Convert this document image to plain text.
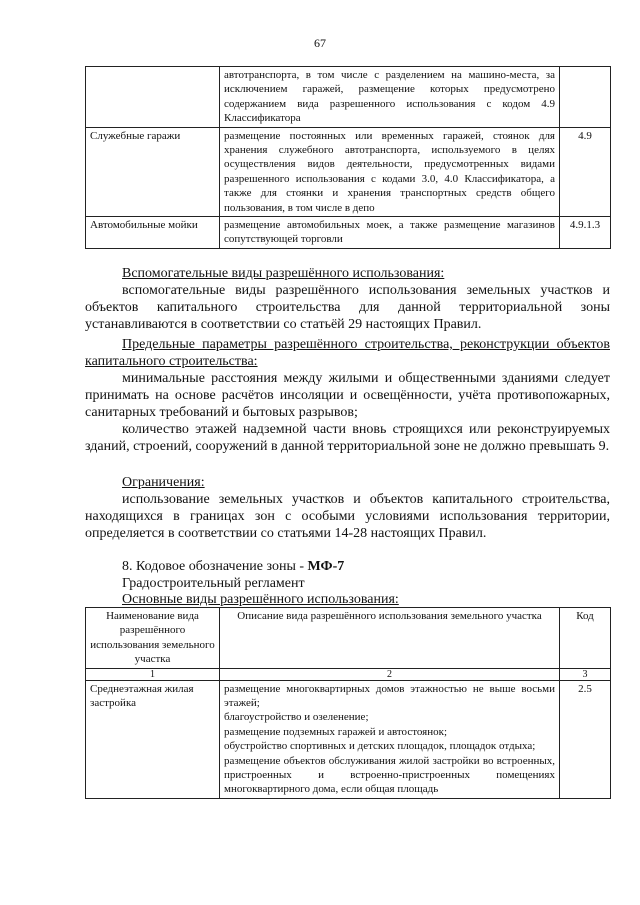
67
	автотранспорта, в том числе с разделением на машино-места, за исключением гаражей, размещение которых предусмотрено содержанием вида разрешенного использования с кодом 4.9 Классификатора	
Служебные гаражи	размещение постоянных или временных гаражей, стоянок для хранения служебного автотранспорта, используемого в целях осуществления видов деятельности, предусмотренных видами разрешенного использования с кодами 3.0, 4.0 Классификатора, а также для стоянки и хранения транспортных средств общего пользования, в том числе в депо	4.9
Автомобильные мойки	размещение автомобильных моек, а также размещение магазинов сопутствующей торговли	4.9.1.3

Вспомогательные виды разрешённого использования:

вспомогательные виды разрешённого использования земельных участков и объектов капитального строительства для данной территориальной зоны устанавливаются в соответствии со статьёй 29 настоящих Правил.

Предельные параметры разрешённого строительства, реконструкции объектов капитального строительства:

минимальные расстояния между жилыми и общественными зданиями следует принимать на основе расчётов инсоляции и освещённости, учёта противопожарных, санитарных требований и бытовых разрывов;

количество этажей надземной части вновь строящихся или реконструируемых зданий, строений, сооружений в данной территориальной зоне не должно превышать 9.

Ограничения:

использование земельных участков и объектов капитального строительства, находящихся в границах зон с особыми условиями использования территории, определяется в соответствии со статьями 14-28 настоящих Правил.

8. Кодовое обозначение зоны - МФ-7
Градостроительный регламент
Основные виды разрешённого использования:
Наименование вида разрешённого использования земельного участка	Описание вида разрешённого использования земельного участка	Код
1	2	3
Среднеэтажная жилая застройка	размещение многоквартирных домов этажностью не выше восьми этажей;

благоустройство и озеленение;

размещение подземных гаражей и автостоянок;

обустройство спортивных и детских площадок, площадок отдыха;

размещение объектов обслуживания жилой застройки во встроенных, пристроенных и встроенно-пристроенных помещениях многоквартирного дома, если общая площадь	2.5
